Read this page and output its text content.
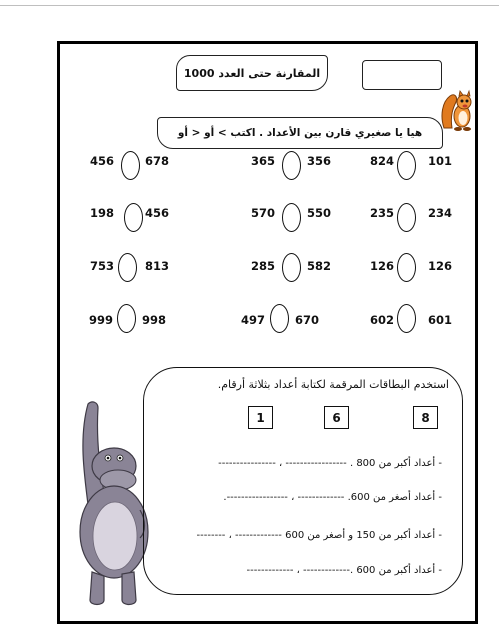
المقارنة حتى العدد 1000
هيا يا صغيري قارن بين الأعداد . اكتب > أو < أو
101
824
356
365
678
456
234
235
550
570
456
198
126
126
582
285
813
753
601
602
670
497
998
999
استخدم البطاقات المرقمة لكتابة أعداد بثلاثة أرقام.
8
6
1
- أعداد أكبر من 800 . ----------------- ، ----------------
- أعداد أصغر من 600. ------------- ، -----------------.
- أعداد أكبر من 150 و أصغر من 600 ------------- ، --------
- أعداد أكبر من 600 .------------- ، -------------
